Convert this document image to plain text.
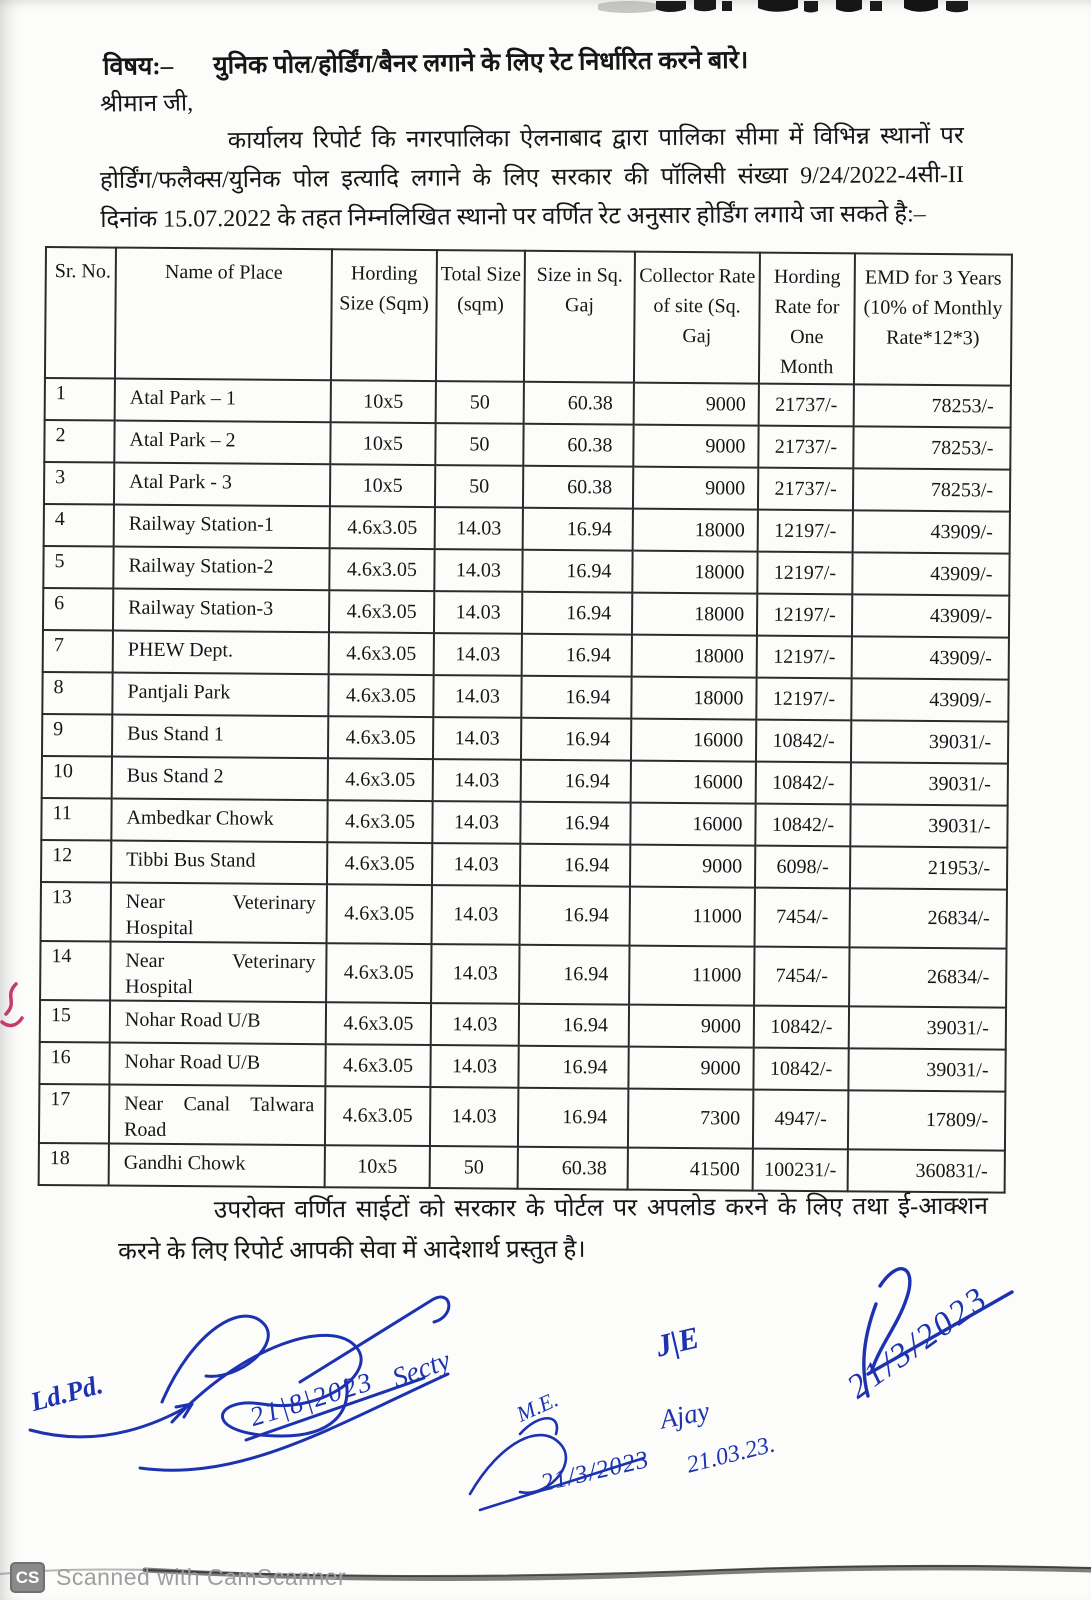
विषय:– युनिक पोल/होर्डिंग/बैनर लगाने के लिए रेट निर्धारित करने बारे।
श्रीमान जी,
कार्यालय रिपोर्ट कि नगरपालिका ऐलनाबाद द्वारा पालिका सीमा में विभिन्न स्थानों पर होर्डिंग/फलैक्स/युनिक पोल इत्यादि लगाने के लिए सरकार की पॉलिसी संख्या 9/24/2022-4सी-II दिनांक 15.07.2022 के तहत निम्नलिखित स्थानो पर वर्णित रेट अनुसार होर्डिंग लगाये जा सकते है:–
Sr. No.	Name of Place	Hording Size (Sqm)	Total Size (sqm)	Size in Sq. Gaj	Collector Rate of site (Sq. Gaj	Hording Rate for One Month	EMD for 3 Years (10% of Monthly Rate*12*3)
1	Atal Park – 1	10x5	50	60.38	9000	21737/-	78253/-
2	Atal Park – 2	10x5	50	60.38	9000	21737/-	78253/-
3	Atal Park - 3	10x5	50	60.38	9000	21737/-	78253/-
4	Railway Station-1	4.6x3.05	14.03	16.94	18000	12197/-	43909/-
5	Railway Station-2	4.6x3.05	14.03	16.94	18000	12197/-	43909/-
6	Railway Station-3	4.6x3.05	14.03	16.94	18000	12197/-	43909/-
7	PHEW Dept.	4.6x3.05	14.03	16.94	18000	12197/-	43909/-
8	Pantjali Park	4.6x3.05	14.03	16.94	18000	12197/-	43909/-
9	Bus Stand 1	4.6x3.05	14.03	16.94	16000	10842/-	39031/-
10	Bus Stand 2	4.6x3.05	14.03	16.94	16000	10842/-	39031/-
11	Ambedkar Chowk	4.6x3.05	14.03	16.94	16000	10842/-	39031/-
12	Tibbi Bus Stand	4.6x3.05	14.03	16.94	9000	6098/-	21953/-
13	Near Veterinary Hospital	4.6x3.05	14.03	16.94	11000	7454/-	26834/-
14	Near Veterinary Hospital	4.6x3.05	14.03	16.94	11000	7454/-	26834/-
15	Nohar Road U/B	4.6x3.05	14.03	16.94	9000	10842/-	39031/-
16	Nohar Road U/B	4.6x3.05	14.03	16.94	9000	10842/-	39031/-
17	Near Canal Talwara Road	4.6x3.05	14.03	16.94	7300	4947/-	17809/-
18	Gandhi Chowk	10x5	50	60.38	41500	100231/-	360831/-
उपरोक्त वर्णित साईटों को सरकार के पोर्टल पर अपलोड करने के लिए तथा ई-आक्शन करने के लिए रिपोर्ट आपकी सेवा में आदेशार्थ प्रस्तुत है।
Ld.Pd.	21|8|2023 Secty
M.E.
21/3/2023
J|E
Ajay
21.03.23.
21/3/2023
CS Scanned with CamScanner
